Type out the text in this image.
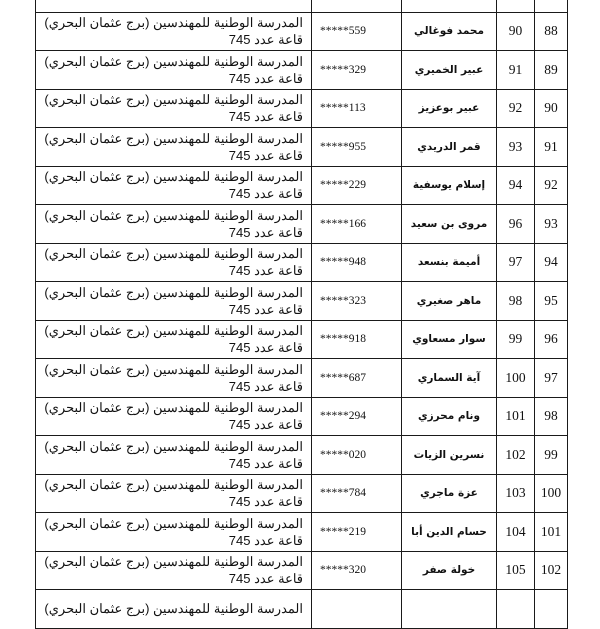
88	90	محمد فوغالي	*****559	المدرسة الوطنية للمهندسين (برج عثمان البحري)
قاعة عدد 745

89	91	عبير الخميري	*****329	المدرسة الوطنية للمهندسين (برج عثمان البحري)
قاعة عدد 745

90	92	عبير بوعزيز	*****113	المدرسة الوطنية للمهندسين (برج عثمان البحري)
قاعة عدد 745

91	93	قمر الدريدي	*****955	المدرسة الوطنية للمهندسين (برج عثمان البحري)
قاعة عدد 745

92	94	إسلام يوسفية	*****229	المدرسة الوطنية للمهندسين (برج عثمان البحري)
قاعة عدد 745

93	96	مروى بن سعيد	*****166	المدرسة الوطنية للمهندسين (برج عثمان البحري)
قاعة عدد 745

94	97	أميمة بنسعد	*****948	المدرسة الوطنية للمهندسين (برج عثمان البحري)
قاعة عدد 745

95	98	ماهر صغيري	*****323	المدرسة الوطنية للمهندسين (برج عثمان البحري)
قاعة عدد 745

96	99	سوار مسعاوي	*****918	المدرسة الوطنية للمهندسين (برج عثمان البحري)
قاعة عدد 745

97	100	آية السماري	*****687	المدرسة الوطنية للمهندسين (برج عثمان البحري)
قاعة عدد 745

98	101	ونام محرزي	*****294	المدرسة الوطنية للمهندسين (برج عثمان البحري)
قاعة عدد 745

99	102	نسرين الزيات	*****020	المدرسة الوطنية للمهندسين (برج عثمان البحري)
قاعة عدد 745

100	103	عزة ماجري	*****784	المدرسة الوطنية للمهندسين (برج عثمان البحري)
قاعة عدد 745

101	104	حسام الدين أبا	*****219	المدرسة الوطنية للمهندسين (برج عثمان البحري)
قاعة عدد 745

102	105	خولة صفر	*****320	المدرسة الوطنية للمهندسين (برج عثمان البحري)
قاعة عدد 745

				المدرسة الوطنية للمهندسين (برج عثمان البحري)
